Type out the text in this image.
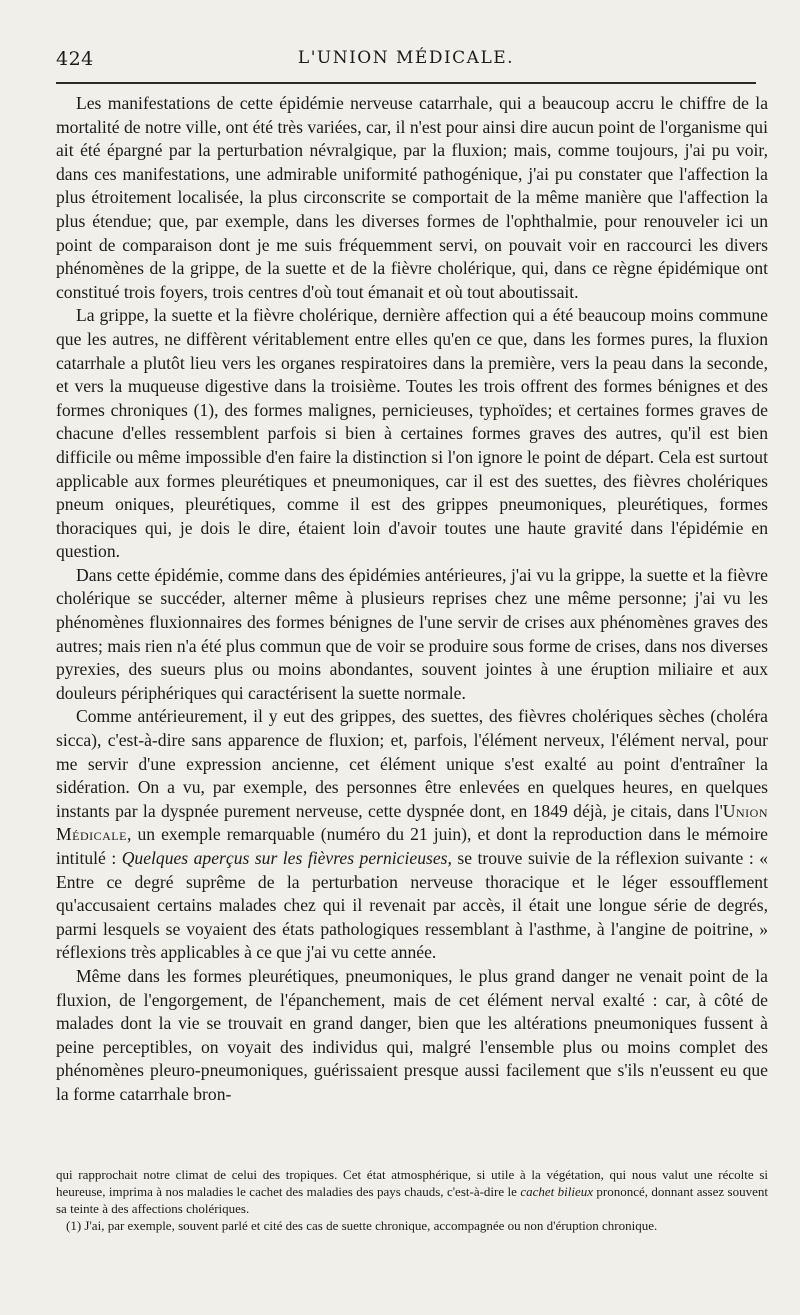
424	L'UNION MÉDICALE.

Les manifestations de cette épidémie nerveuse catarrhale, qui a beaucoup accru le chiffre de la mortalité de notre ville, ont été très variées, car, il n'est pour ainsi dire aucun point de l'organisme qui ait été épargné par la perturbation névralgique, par la fluxion; mais, comme toujours, j'ai pu voir, dans ces manifestations, une admirable uniformité pathogénique, j'ai pu constater que l'affection la plus étroitement localisée, la plus circonscrite se comportait de la même manière que l'affection la plus étendue; que, par exemple, dans les diverses formes de l'ophthalmie, pour renouveler ici un point de comparaison dont je me suis fréquemment servi, on pouvait voir en raccourci les divers phénomènes de la grippe, de la suette et de la fièvre cholérique, qui, dans ce règne épidémique ont constitué trois foyers, trois centres d'où tout émanait et où tout aboutissait.

La grippe, la suette et la fièvre cholérique, dernière affection qui a été beaucoup moins commune que les autres, ne diffèrent véritablement entre elles qu'en ce que, dans les formes pures, la fluxion catarrhale a plutôt lieu vers les organes respiratoires dans la première, vers la peau dans la seconde, et vers la muqueuse digestive dans la troisième. Toutes les trois offrent des formes bénignes et des formes chroniques (1), des formes malignes, pernicieuses, typhoïdes; et certaines formes graves de chacune d'elles ressemblent parfois si bien à certaines formes graves des autres, qu'il est bien difficile ou même impossible d'en faire la distinction si l'on ignore le point de départ. Cela est surtout applicable aux formes pleurétiques et pneumoniques, car il est des suettes, des fièvres cholériques pneum oniques, pleurétiques, comme il est des grippes pneumoniques, pleurétiques, formes thoraciques qui, je dois le dire, étaient loin d'avoir toutes une haute gravité dans l'épidémie en question.

Dans cette épidémie, comme dans des épidémies antérieures, j'ai vu la grippe, la suette et la fièvre cholérique se succéder, alterner même à plusieurs reprises chez une même personne; j'ai vu les phénomènes fluxionnaires des formes bénignes de l'une servir de crises aux phénomènes graves des autres; mais rien n'a été plus commun que de voir se produire sous forme de crises, dans nos diverses pyrexies, des sueurs plus ou moins abondantes, souvent jointes à une éruption miliaire et aux douleurs périphériques qui caractérisent la suette normale.

Comme antérieurement, il y eut des grippes, des suettes, des fièvres cholériques sèches (choléra sicca), c'est-à-dire sans apparence de fluxion; et, parfois, l'élément nerveux, l'élément nerval, pour me servir d'une expression ancienne, cet élément unique s'est exalté au point d'entraîner la sidération. On a vu, par exemple, des personnes être enlevées en quelques heures, en quelques instants par la dyspnée purement nerveuse, cette dyspnée dont, en 1849 déjà, je citais, dans l'Union Médicale, un exemple remarquable (numéro du 21 juin), et dont la reproduction dans le mémoire intitulé : Quelques aperçus sur les fièvres pernicieuses, se trouve suivie de la réflexion suivante : « Entre ce degré suprême de la perturbation nerveuse thoracique et le léger essoufflement qu'accusaient certains malades chez qui il revenait par accès, il était une longue série de degrés, parmi lesquels se voyaient des états pathologiques ressemblant à l'asthme, à l'angine de poitrine, » réflexions très applicables à ce que j'ai vu cette année.

Même dans les formes pleurétiques, pneumoniques, le plus grand danger ne venait point de la fluxion, de l'engorgement, de l'épanchement, mais de cet élément nerval exalté : car, à côté de malades dont la vie se trouvait en grand danger, bien que les altérations pneumoniques fussent à peine perceptibles, on voyait des individus qui, malgré l'ensemble plus ou moins complet des phénomènes pleuro-pneumoniques, guérissaient presque aussi facilement que s'ils n'eussent eu que la forme catarrhale bron-

qui rapprochait notre climat de celui des tropiques. Cet état atmosphérique, si utile à la végétation, qui nous valut une récolte si heureuse, imprima à nos maladies le cachet des maladies des pays chauds, c'est-à-dire le cachet bilieux prononcé, donnant assez souvent sa teinte à des affections cholériques.

(1) J'ai, par exemple, souvent parlé et cité des cas de suette chronique, accompagnée ou non d'éruption chronique.
